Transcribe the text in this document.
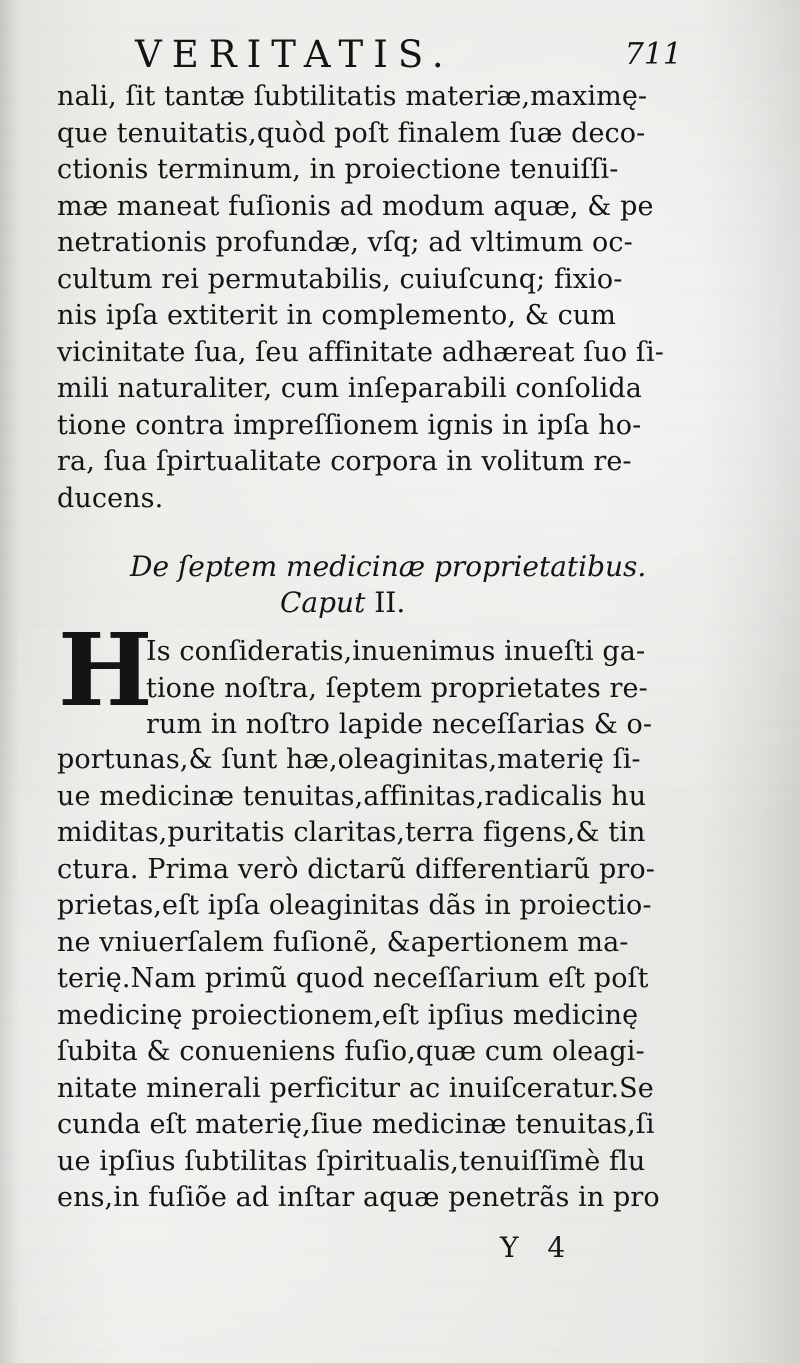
VERITATIS.	711
nali, ſit tantæ ſubtilitatis materiæ,maximę-
que tenuitatis,quòd poſt finalem ſuæ deco-
ctionis terminum, in proiectione tenuiſſi-
mæ maneat fuſionis ad modum aquæ, & pe
netrationis profundæ, vſq; ad vltimum oc-
cultum rei permutabilis, cuiuſcunq; fixio-
nis ipſa extiterit in complemento, & cum
vicinitate ſua, ſeu affinitate adhæreat ſuo ſi-
mili naturaliter, cum inſeparabili conſolida
tione contra impreſſionem ignis in ipſa ho-
ra, ſua ſpirtualitate corpora in volitum re-
ducens.
De ſeptem medicinæ proprietatibus.
Caput II.
H
Is conſideratis,inuenimus inueſti ga-
tione noſtra, ſeptem proprietates re-
rum in noſtro lapide neceſſarias & o-
portunas,& ſunt hæ,oleaginitas,materię ſi-
ue medicinæ tenuitas,affinitas,radicalis hu
miditas,puritatis claritas,terra figens,& tin
ctura. Prima verò dictarũ differentiarũ pro-
prietas,eſt ipſa oleaginitas dãs in proiectio-
ne vniuerſalem fuſionẽ, &apertionem ma-
terię.Nam primũ quod neceſſarium eſt poſt
medicinę proiectionem,eſt ipſius medicinę
ſubita & conueniens fuſio,quæ cum oleagi-
nitate minerali perficitur ac inuiſceratur.Se
cunda eſt materię,ſiue medicinæ tenuitas,ſi
ue ipſius ſubtilitas ſpiritualis,tenuiſſimè flu
ens,in fuſiõe ad inſtar aquæ penetrãs in pro
Y 4
